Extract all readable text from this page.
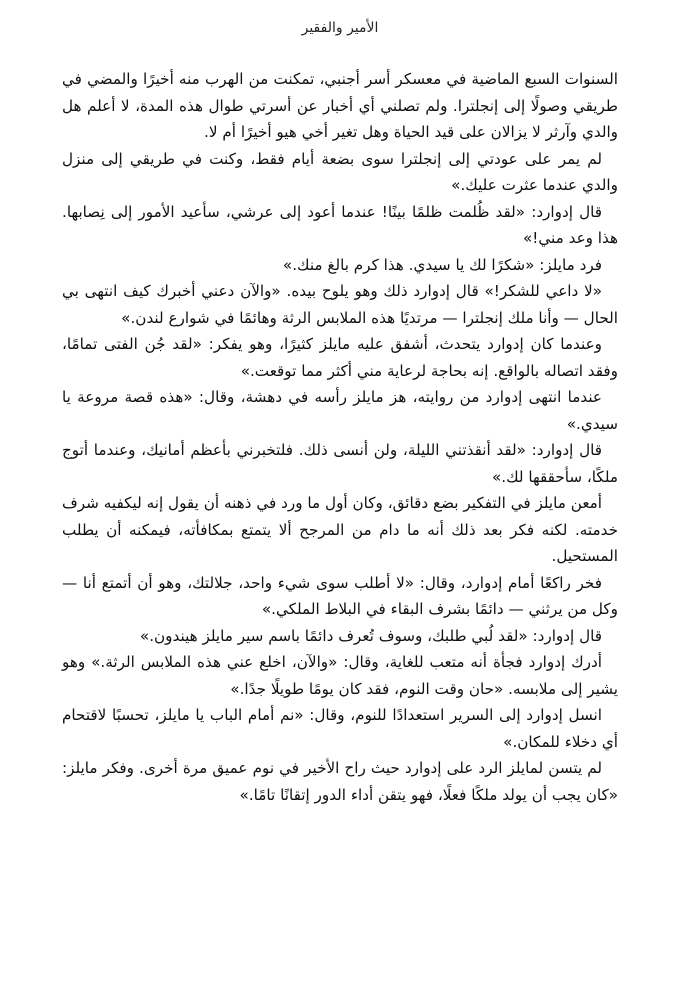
الأمير والفقير

السنوات السبع الماضية في معسكر أسر أجنبي، تمكنت من الهرب منه أخيرًا والمضي في طريقي وصولًا إلى إنجلترا. ولم تصلني أي أخبار عن أسرتي طوال هذه المدة، لا أعلم هل والدي وآرثر لا يزالان على قيد الحياة وهل تغير أخي هيو أخيرًا أم لا.

لم يمر على عودتي إلى إنجلترا سوى بضعة أيام فقط، وكنت في طريقي إلى منزل والدي عندما عثرت عليك.»

قال إدوارد: «لقد ظُلمت ظلمًا بينًا! عندما أعود إلى عرشي، سأعيد الأمور إلى نِصابها. هذا وعد مني!»

فرد مايلز: «شكرًا لك يا سيدي. هذا كرم بالغ منك.»

«لا داعي للشكر!» قال إدوارد ذلك وهو يلوح بيده. «والآن دعني أخبرك كيف انتهى بي الحال — وأنا ملك إنجلترا — مرتديًا هذه الملابس الرثة وهائمًا في شوارع لندن.»

وعندما كان إدوارد يتحدث، أشفق عليه مايلز كثيرًا، وهو يفكر: «لقد جُن الفتى تمامًا، وفقد اتصاله بالواقع. إنه بحاجة لرعاية مني أكثر مما توقعت.»

عندما انتهى إدوارد من روايته، هز مايلز رأسه في دهشة، وقال: «هذه قصة مروعة يا سيدي.»

قال إدوارد: «لقد أنقذتني الليلة، ولن أنسى ذلك. فلتخبرني بأعظم أمانيك، وعندما أتوج ملكًا، سأحققها لك.»

أمعن مايلز في التفكير بضع دقائق، وكان أول ما ورد في ذهنه أن يقول إنه ليكفيه شرف خدمته. لكنه فكر بعد ذلك أنه ما دام من المرجح ألا يتمتع بمكافأته، فيمكنه أن يطلب المستحيل.

فخر راكعًا أمام إدوارد، وقال: «لا أطلب سوى شيء واحد، جلالتك، وهو أن أتمتع أنا — وكل من يرثني — دائمًا بشرف البقاء في البلاط الملكي.»

قال إدوارد: «لقد لُبي طلبك، وسوف تُعرف دائمًا باسم سير مايلز هيندون.»

أدرك إدوارد فجأة أنه متعب للغاية، وقال: «والآن، اخلع عني هذه الملابس الرثة.» وهو يشير إلى ملابسه. «حان وقت النوم، فقد كان يومًا طويلًا جدًا.»

انسل إدوارد إلى السرير استعدادًا للنوم، وقال: «نم أمام الباب يا مايلز، تحسبًا لاقتحام أي دخلاء للمكان.»

لم يتسن لمايلز الرد على إدوارد حيث راح الأخير في نوم عميق مرة أخرى. وفكر مايلز: «كان يجب أن يولد ملكًا فعلًا، فهو يتقن أداء الدور إتقانًا تامًا.»
